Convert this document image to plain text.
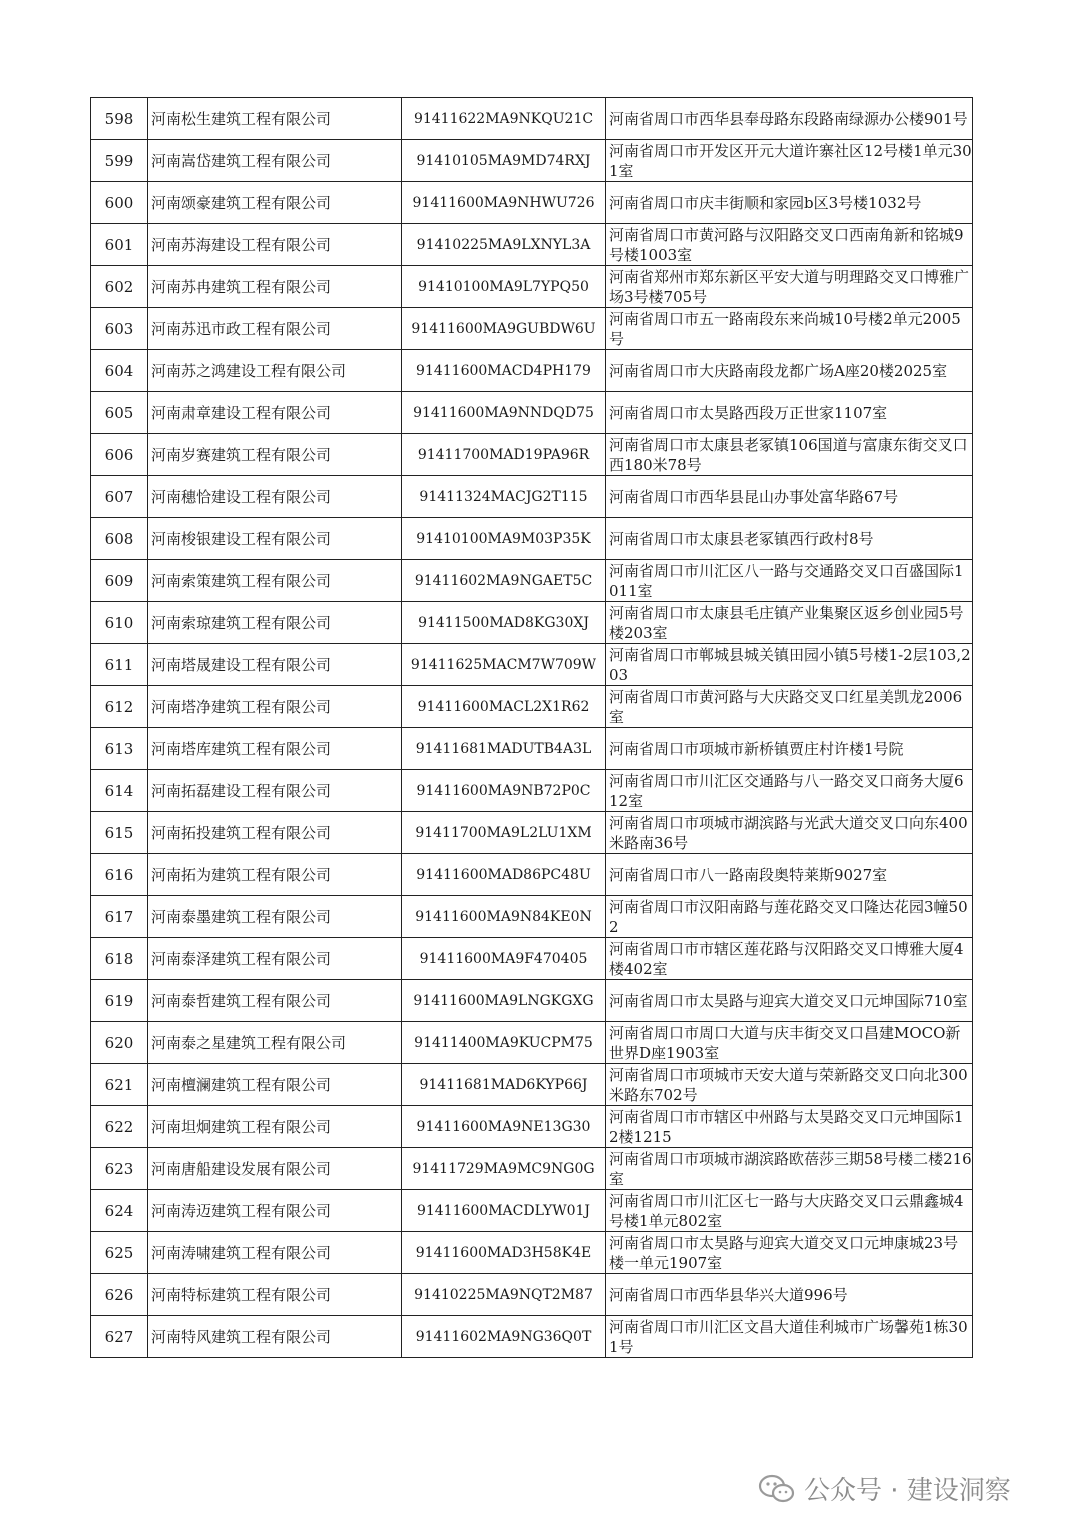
598	河南松生建筑工程有限公司	91411622MA9NKQU21C	河南省周口市西华县奉母路东段路南绿源办公楼901号
599	河南嵩岱建筑工程有限公司	91410105MA9MD74RXJ	河南省周口市开发区开元大道许寨社区12号楼1单元301室
600	河南颂豪建筑工程有限公司	91411600MA9NHWU726	河南省周口市庆丰街顺和家园b区3号楼1032号
601	河南苏海建设工程有限公司	91410225MA9LXNYL3A	河南省周口市黄河路与汉阳路交叉口西南角新和铭城9号楼1003室
602	河南苏冉建筑工程有限公司	91410100MA9L7YPQ50	河南省郑州市郑东新区平安大道与明理路交叉口博雅广场3号楼705号
603	河南苏迅市政工程有限公司	91411600MA9GUBDW6U	河南省周口市五一路南段东来尚城10号楼2单元2005号
604	河南苏之鸿建设工程有限公司	91411600MACD4PH179	河南省周口市大庆路南段龙都广场A座20楼2025室
605	河南肃章建设工程有限公司	91411600MA9NNDQD75	河南省周口市太昊路西段万正世家1107室
606	河南岁赛建筑工程有限公司	91411700MAD19PA96R	河南省周口市太康县老冢镇106国道与富康东街交叉口西180米78号
607	河南穗恰建设工程有限公司	91411324MACJG2T115	河南省周口市西华县昆山办事处富华路67号
608	河南梭银建设工程有限公司	91410100MA9M03P35K	河南省周口市太康县老冢镇西行政村8号
609	河南索策建筑工程有限公司	91411602MA9NGAET5C	河南省周口市川汇区八一路与交通路交叉口百盛国际1011室
610	河南索琼建筑工程有限公司	91411500MAD8KG30XJ	河南省周口市太康县毛庄镇产业集聚区返乡创业园5号楼203室
611	河南塔晟建设工程有限公司	91411625MACM7W709W	河南省周口市郸城县城关镇田园小镇5号楼1-2层103,203
612	河南塔净建筑工程有限公司	91411600MACL2X1R62	河南省周口市黄河路与大庆路交叉口红星美凯龙2006室
613	河南塔库建筑工程有限公司	91411681MADUTB4A3L	河南省周口市项城市新桥镇贾庄村许楼1号院
614	河南拓磊建设工程有限公司	91411600MA9NB72P0C	河南省周口市川汇区交通路与八一路交叉口商务大厦612室
615	河南拓投建筑工程有限公司	91411700MA9L2LU1XM	河南省周口市项城市湖滨路与光武大道交叉口向东400米路南36号
616	河南拓为建筑工程有限公司	91411600MAD86PC48U	河南省周口市八一路南段奥特莱斯9027室
617	河南泰墨建筑工程有限公司	91411600MA9N84KE0N	河南省周口市汉阳南路与莲花路交叉口隆达花园3幢502
618	河南泰泽建筑工程有限公司	91411600MA9F470405	河南省周口市市辖区莲花路与汉阳路交叉口博雅大厦4楼402室
619	河南泰哲建筑工程有限公司	91411600MA9LNGKGXG	河南省周口市太昊路与迎宾大道交叉口元坤国际710室
620	河南泰之星建筑工程有限公司	91411400MA9KUCPM75	河南省周口市周口大道与庆丰街交叉口昌建MOCO新世界D座1903室
621	河南檀澜建筑工程有限公司	91411681MAD6KYP66J	河南省周口市项城市天安大道与荣新路交叉口向北300米路东702号
622	河南坦炯建筑工程有限公司	91411600MA9NE13G30	河南省周口市市辖区中州路与太昊路交叉口元坤国际12楼1215
623	河南唐船建设发展有限公司	91411729MA9MC9NG0G	河南省周口市项城市湖滨路欧蓓莎三期58号楼二楼216室
624	河南涛迈建筑工程有限公司	91411600MACDLYW01J	河南省周口市川汇区七一路与大庆路交叉口云鼎鑫城4号楼1单元802室
625	河南涛啸建筑工程有限公司	91411600MAD3H58K4E	河南省周口市太昊路与迎宾大道交叉口元坤康城23号楼一单元1907室
626	河南特标建筑工程有限公司	91410225MA9NQT2M87	河南省周口市西华县华兴大道996号
627	河南特风建筑工程有限公司	91411602MA9NG36Q0T	河南省周口市川汇区文昌大道佳利城市广场馨苑1栋301号
公众号 · 建设洞察
